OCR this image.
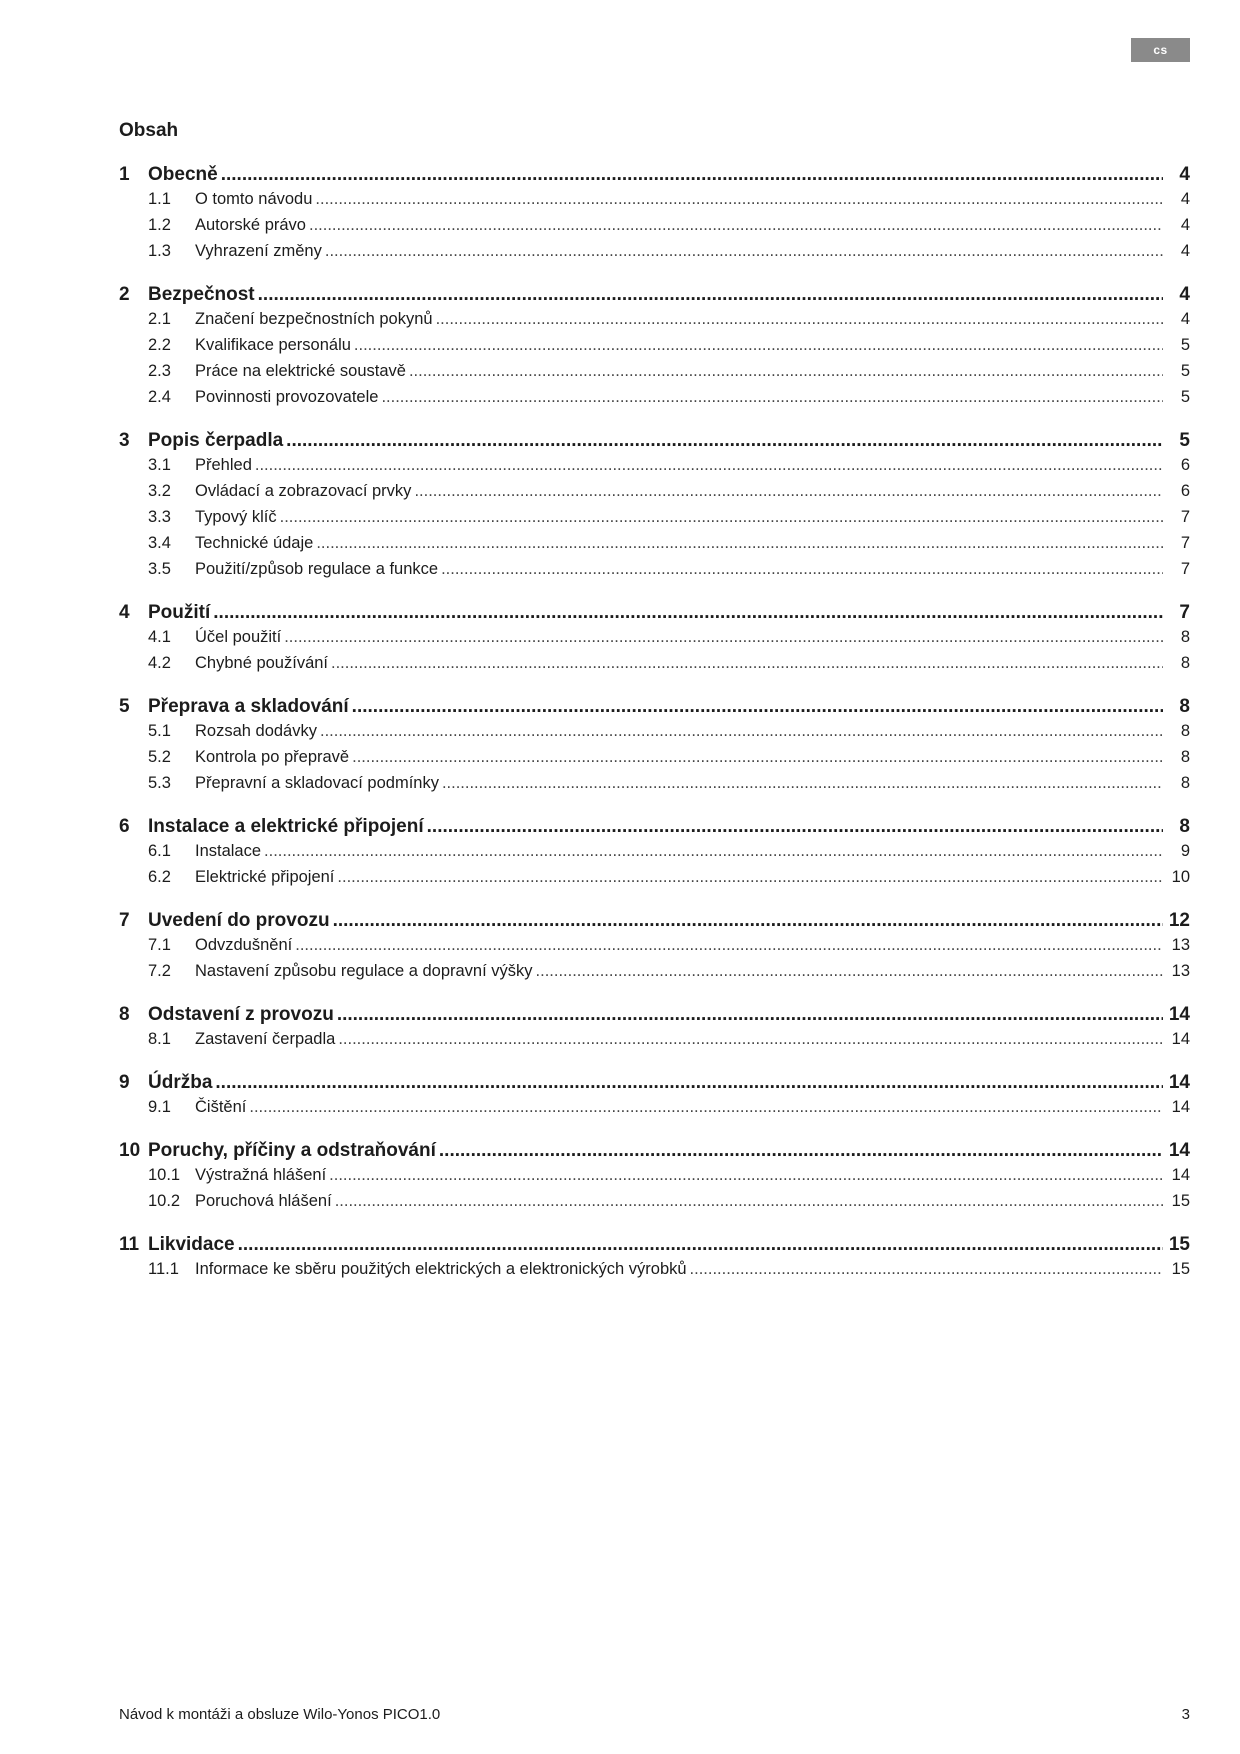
cs
Obsah
1 Obecně .....	4
1.1	O tomto návodu .....	4
1.2	Autorské právo .....	4
1.3	Vyhrazení změny .....	4
2 Bezpečnost .....	4
2.1	Značení bezpečnostních pokynů .....	4
2.2	Kvalifikace personálu .....	5
2.3	Práce na elektrické soustavě .....	5
2.4	Povinnosti provozovatele .....	5
3 Popis čerpadla .....	5
3.1	Přehled .....	6
3.2	Ovládací a zobrazovací prvky .....	6
3.3	Typový klíč .....	7
3.4	Technické údaje .....	7
3.5	Použití/způsob regulace a funkce .....	7
4 Použití .....	7
4.1	Účel použití .....	8
4.2	Chybné používání .....	8
5 Přeprava a skladování .....	8
5.1	Rozsah dodávky .....	8
5.2	Kontrola po přepravě .....	8
5.3	Přepravní a skladovací podmínky .....	8
6 Instalace a elektrické připojení .....	8
6.1	Instalace .....	9
6.2	Elektrické připojení .....	10
7 Uvedení do provozu .....	12
7.1	Odvzdušnění .....	13
7.2	Nastavení způsobu regulace a dopravní výšky .....	13
8 Odstavení z provozu .....	14
8.1	Zastavení čerpadla .....	14
9 Údržba .....	14
9.1	Čištění .....	14
10 Poruchy, příčiny a odstraňování .....	14
10.1 Výstražná hlášení .....	14
10.2 Poruchová hlášení .....	15
11 Likvidace .....	15
11.1 Informace ke sběru použitých elektrických a elektronických výrobků .....	15
Návod k montáži a obsluze Wilo-Yonos PICO1.0	3
